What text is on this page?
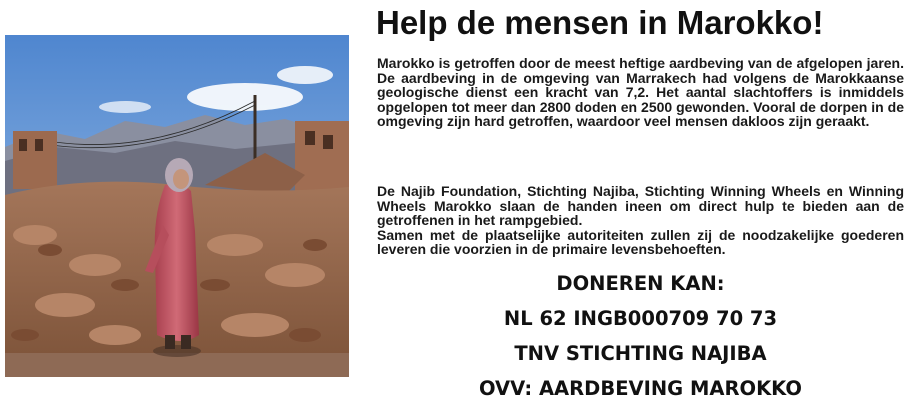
Help de mensen in Marokko!

Marokko is getroffen door de meest heftige aardbeving van de afgelopen jaren. De aardbeving in de omgeving van Marrakech had volgens de Marokkaanse geologische dienst een kracht van 7,2. Het aantal slachtoffers is inmiddels opgelopen tot meer dan 2800 doden en 2500 gewonden. Vooral de dorpen in de omgeving zijn hard getroffen, waardoor veel mensen dakloos zijn geraakt.

De Najib Foundation, Stichting Najiba, Stichting Winning Wheels en Winning Wheels Marokko slaan de handen ineen om direct hulp te bieden aan de getroffenen in het rampgebied.
Samen met de plaatselijke autoriteiten zullen zij de noodzakelijke goederen leveren die voorzien in de primaire levensbehoeften.
DONEREN KAN:
NL 62 INGB000709 70 73
TNV STICHTING NAJIBA
OVV: AARDBEVING MAROKKO
